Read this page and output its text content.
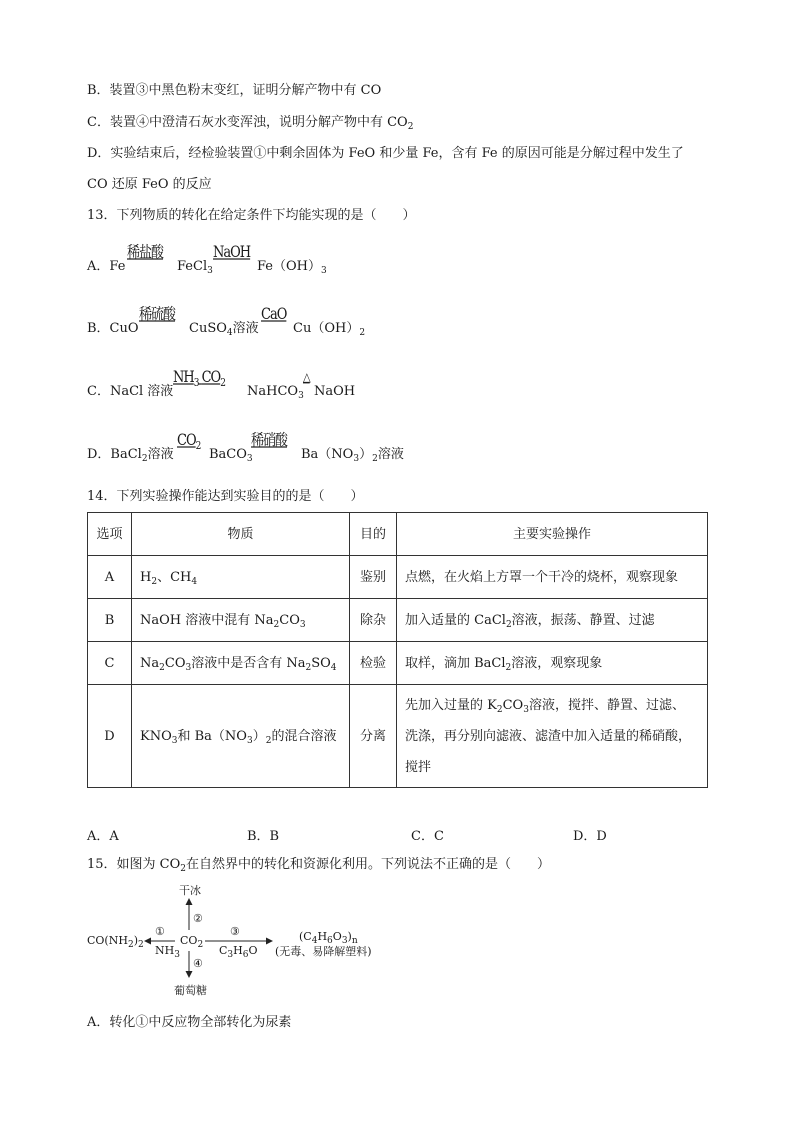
B．装置③中黑色粉末变红，证明分解产物中有 CO
C．装置④中澄清石灰水变浑浊，说明分解产物中有 $CO_2$
D．实验结束后，经检验装置①中剩余固体为 FeO 和少量 Fe，含有 Fe 的原因可能是分解过程中发生了
CO 还原 FeO 的反应
13．下列物质的转化在给定条件下均能实现的是（　　）
A．Fe
稀盐酸
FeCl$_3$
NaOH
$Fe(OH)_3$
B．CuO
稀硫酸
CuSO$_4$溶液
CaO
$Cu(OH)_2$
C．NaCl 溶液
$NH_3$ $CO_2$
NaHCO$_3$
△
NaOH
D．BaCl$_2$溶液
$CO_2$
BaCO$_3$
稀硝酸
$Ba(NO_3)_2$溶液
14．下列实验操作能达到实验目的的是（　　）
选项	物质	目的	主要实验操作
A	$H_2$、$CH_4$	鉴别	点燃，在火焰上方罩一个干冷的烧杯，观察现象
B	NaOH 溶液中混有 $Na_2CO_3$	除杂	加入适量的 CaCl$_2$溶液，振荡、静置、过滤
C	$Na_2CO_3$溶液中是否含有 $Na_2SO_4$	检验	取样，滴加 BaCl$_2$溶液，观察现象
D	$KNO_3$和 $Ba(NO_3)_2$的混合溶液	分离	先加入过量的 $K_2CO_3$溶液，搅拌、静置、过滤、
洗涤，再分别向滤液、滤渣中加入适量的稀硝酸，
搅拌
A．A	B．B	C．C	D．D
15．如图为 $CO_2$在自然界中的转化和资源化利用。下列说法不正确的是（　　）
干冰
②
$CO(NH_2)_2$
①
$NH_3$
$CO_2$
③
$C_3H_6O$
$(C_4H_6O_3)_n$
(无毒、易降解塑料)
④
葡萄糖
A．转化①中反应物全部转化为尿素
